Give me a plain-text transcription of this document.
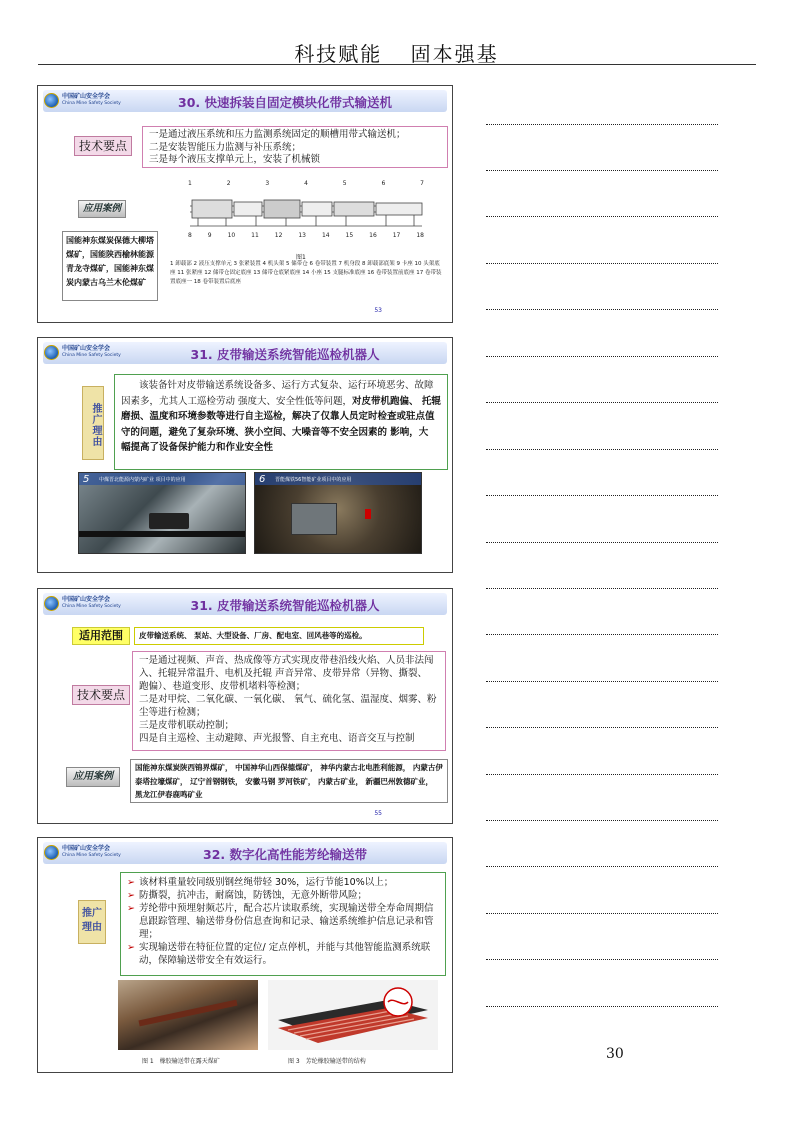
科技赋能 固本强基
中国矿山安全学会
China Mine Safety Society	30. 快速拆装自固定模块化带式输送机
技术要点
一是通过液压系统和压力监测系统固定的顺槽用带式输送机；
二是安装智能压力监测与补压系统；
三是每个液压支撑单元上，安装了机械锁
应用案例
国能神东煤炭保德大柳塔煤矿，国能陕西榆林能源青龙寺煤矿，国能神东煤炭内蒙古乌兰木伦煤矿
1	2	3	4	5	6	7
8	9	10	11	12	13	14	15	16	17	18
图1
1 卸载部 2 液压支撑单元 3 张紧装置 4 机头架 5 储带仓 6 卷带装置 7 机身段 8 卸载部底架 9 卡座 10 头架底座 11 张紧座 12 储带仓固定底座 13 储带仓底紧底座 14 小座 15 支腿标准底座 16 卷带装置前底座 17 卷带装置底座一 18 卷带装置后底座
53
中国矿山安全学会
China Mine Safety Society	31. 皮带输送系统智能巡检机器人
推广理由
该装备针对皮带输送系统设备多、运行方式复杂、运行环境恶劣、故障因素多，尤其人工巡检劳动 强度大、安全性低等问题，对皮带机跑偏、 托辊磨损、温度和环境参数等进行自主巡检，解决了仅靠人员定时检查或驻点值守的问题，避免了复杂环境、狭小空间、大噪音等不安全因素的 影响，大 幅提高了设备保护能力和作业安全性
5 中煤晋北能源内蒙内矿业 项目中的应用	6 晋能煤铁56智能矿业项目中的应用
中国矿山安全学会
China Mine Safety Society	31. 皮带输送系统智能巡检机器人
适用范围	皮带输送系统、 泵站、大型设备、厂房、配电室、回风巷等的巡检。
技术要点
一是通过视频、声音、热成像等方式实现皮带巷沿线火焰、人员非法闯入、托辊异常温升、电机及托辊 声音异常、皮带异常（异物、撕裂、 跑偏）、巷道变形、皮带机堵料等检测；
二是对甲烷、二氧化碳、一氧化碳、 氧气、硫化氢、温湿度、烟雾、粉尘等进行检测；
三是皮带机联动控制；
四是自主巡检、主动避障、声光报警、自主充电、语音交互与控制
应用案例
国能神东煤炭陕西锦界煤矿， 中国神华山西保德煤矿， 神华内蒙古北电胜利能源， 内蒙古伊泰塔拉壕煤矿， 辽宁首钢钢铁， 安徽马钢 罗河铁矿， 内蒙古矿业， 新疆巴州敦德矿业， 黑龙江伊春鹿鸣矿业
55
中国矿山安全学会
China Mine Safety Society	32. 数字化高性能芳纶输送带
推广理由
➢ 该材料重量较同级别钢丝绳带轻 30%，运行节能10%以上；
➢ 防撕裂，抗冲击，耐腐蚀，防锈蚀，无意外断带风险；
➢ 芳纶带中预埋射频芯片，配合芯片读取系统，实现输送带全寿命周期信息跟踪管理、输送带身份信息查询和记录、输送系统维护信息记录和管理；
➢ 实现输送带在特征位置的定位/ 定点停机，并能与其他智能监测系统联动，保障输送带安全有效运行。
图 1　橡胶输送带在露天煤矿	图 3　芳纶橡胶输送带的结构	30
